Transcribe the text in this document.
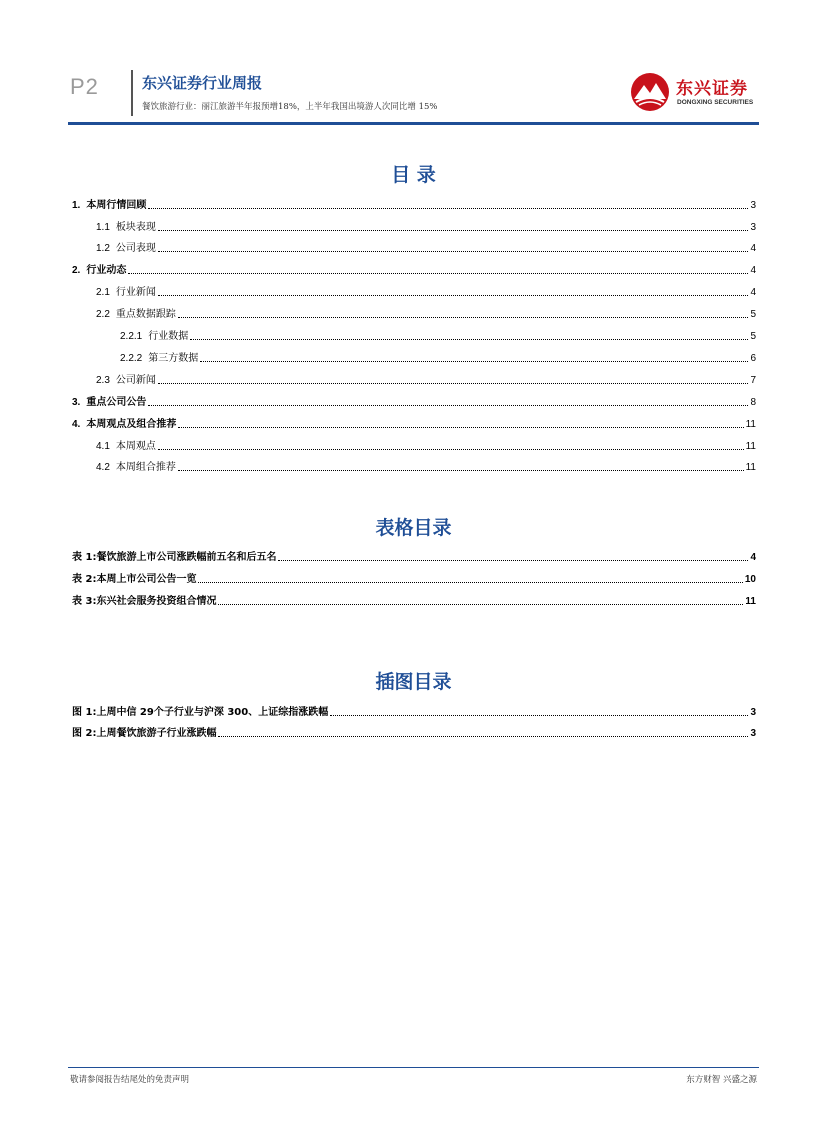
P2	东兴证券行业周报
餐饮旅游行业：丽江旅游半年报预增18%，上半年我国出境游人次同比增 15%
东兴证券
DONGXING SECURITIES
目 录
1. 本周行情回顾	3
1.1 板块表现	3
1.2 公司表现	4
2. 行业动态	4
2.1 行业新闻	4
2.2 重点数据跟踪	5
2.2.1 行业数据	5
2.2.2 第三方数据	6
2.3 公司新闻	7
3. 重点公司公告	8
4. 本周观点及组合推荐	11
4.1 本周观点	11
4.2 本周组合推荐	11
表格目录
表 1:餐饮旅游上市公司涨跌幅前五名和后五名	4
表 2:本周上市公司公告一览	10
表 3:东兴社会服务投资组合情况	11
插图目录
图 1:上周中信 29个子行业与沪深 300、上证综指涨跌幅	3
图 2:上周餐饮旅游子行业涨跌幅	3
敬请参阅报告结尾处的免责声明	东方财智 兴盛之源
